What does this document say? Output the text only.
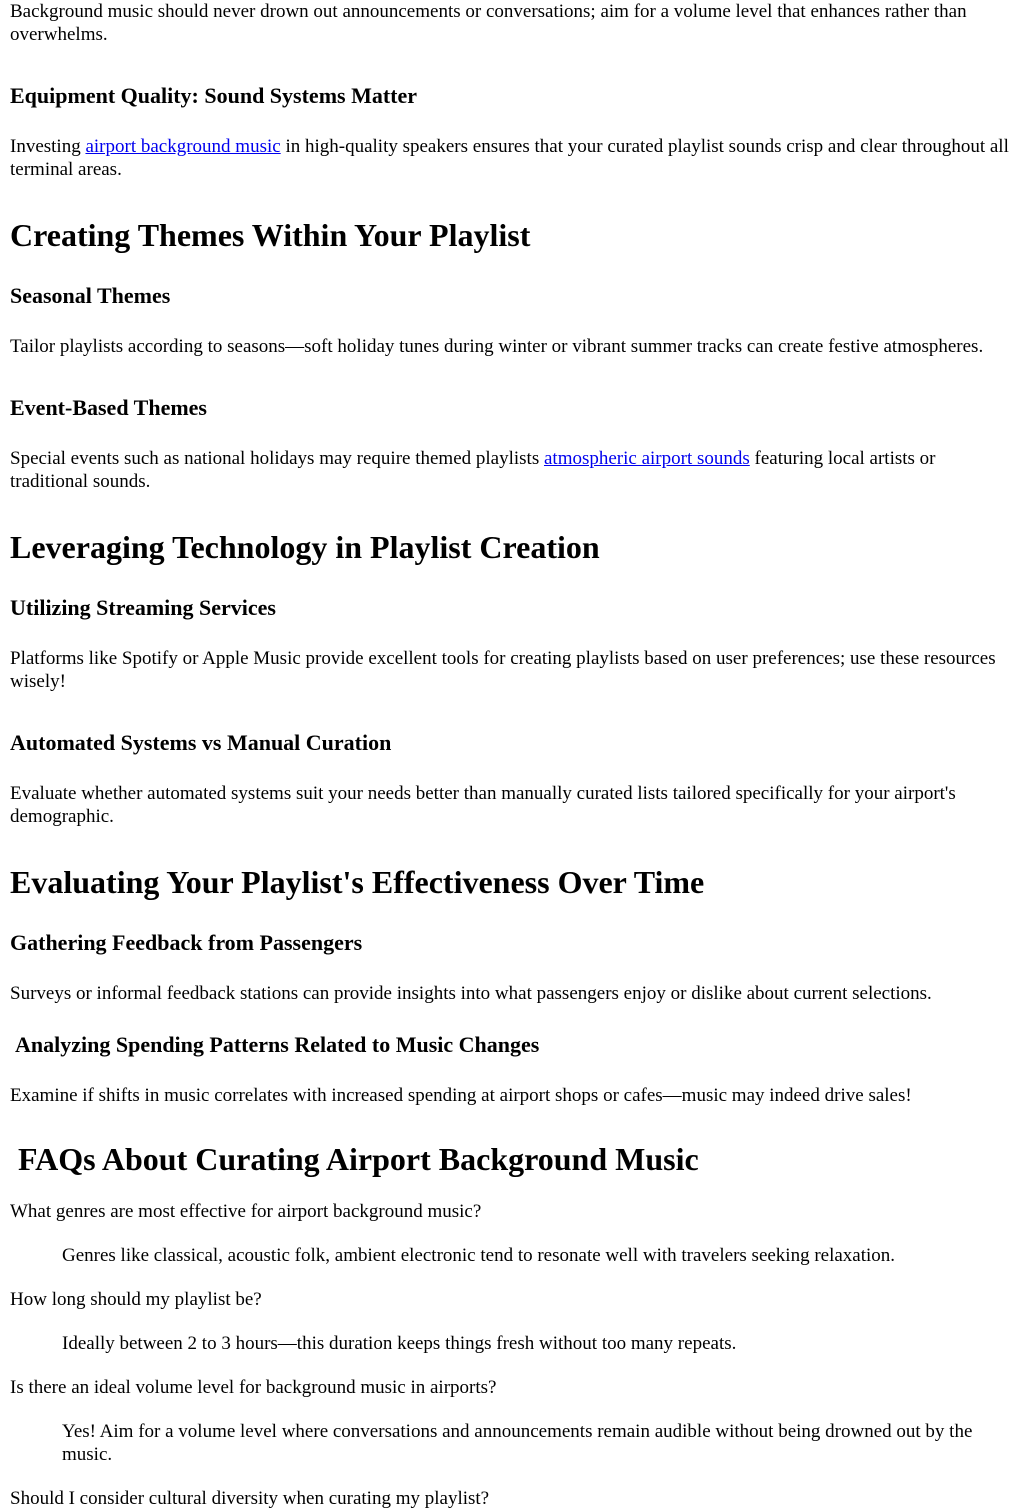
Background music should never drown out announcements or conversations; aim for a volume level that enhances rather than overwhelms.

Equipment Quality: Sound Systems Matter

Investing airport background music in high-quality speakers ensures that your curated playlist sounds crisp and clear throughout all terminal areas.

Creating Themes Within Your Playlist
Seasonal Themes

Tailor playlists according to seasons—soft holiday tunes during winter or vibrant summer tracks can create festive atmospheres.

Event-Based Themes

Special events such as national holidays may require themed playlists atmospheric airport sounds featuring local artists or traditional sounds.

Leveraging Technology in Playlist Creation
Utilizing Streaming Services

Platforms like Spotify or Apple Music provide excellent tools for creating playlists based on user preferences; use these resources wisely!

Automated Systems vs Manual Curation

Evaluate whether automated systems suit your needs better than manually curated lists tailored specifically for your airport's demographic.

Evaluating Your Playlist's Effectiveness Over Time
Gathering Feedback from Passengers

Surveys or informal feedback stations can provide insights into what passengers enjoy or dislike about current selections.

Analyzing Spending Patterns Related to Music Changes

Examine if shifts in music correlates with increased spending at airport shops or cafes—music may indeed drive sales!

FAQs About Curating Airport Background Music

What genres are most effective for airport background music?

Genres like classical, acoustic folk, ambient electronic tend to resonate well with travelers seeking relaxation.

How long should my playlist be?

Ideally between 2 to 3 hours—this duration keeps things fresh without too many repeats.

Is there an ideal volume level for background music in airports?

Yes! Aim for a volume level where conversations and announcements remain audible without being drowned out by the music.

Should I consider cultural diversity when curating my playlist?
